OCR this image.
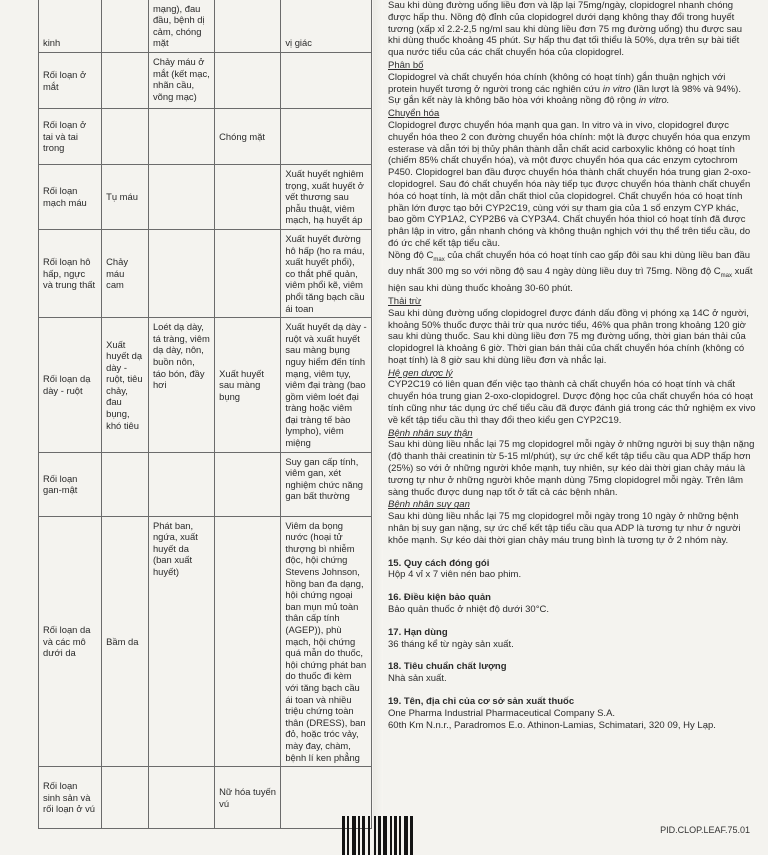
kinh		mạng), đau đầu, bệnh dị cảm, chóng mặt		vị giác
Rối loạn ở mắt		Chảy máu ở mắt (kết mạc, nhãn cầu, võng mạc)		
Rối loạn ở tai và tai trong			Chóng mặt	
Rối loạn mạch máu	Tụ máu			Xuất huyết nghiêm trọng, xuất huyết ở vết thương sau phẫu thuật, viêm mạch, hạ huyết áp
Rối loạn hô hấp, ngực và trung thất	Chảy máu cam			Xuất huyết đường hô hấp (ho ra máu, xuất huyết phổi), co thắt phế quản, viêm phổi kẽ, viêm phổi tăng bạch cầu ái toan
Rối loạn dạ dày - ruột	Xuất huyết dạ dày - ruột, tiêu chảy, đau bụng, khó tiêu	Loét dạ dày, tá tràng, viêm dạ dày, nôn, buồn nôn, táo bón, đầy hơi	Xuất huyết sau màng bụng	Xuất huyết dạ dày - ruột và xuất huyết sau màng bụng nguy hiểm đến tính mạng, viêm tụy, viêm đại tràng (bao gồm viêm loét đại tràng hoặc viêm đại tràng tế bào lympho), viêm miệng
Rối loạn gan-mật				Suy gan cấp tính, viêm gan, xét nghiệm chức năng gan bất thường
Rối loạn da và các mô dưới da	Bầm da	Phát ban, ngứa, xuất huyết da (ban xuất huyết)		Viêm da bọng nước (hoại tử thượng bì nhiễm độc, hội chứng Stevens Johnson, hồng ban đa dạng, hội chứng ngoại ban mụn mủ toàn thân cấp tính (AGEP)), phù mạch, hội chứng quá mẫn do thuốc, hội chứng phát ban do thuốc đi kèm với tăng bạch cầu ái toan và nhiều triệu chứng toàn thân (DRESS), ban đỏ, hoặc tróc vảy, mày đay, chàm, bệnh lí ken phẳng
Rối loạn sinh sản và rối loạn ở vú			Nữ hóa tuyến vú	

Sau khi dùng đường uống liều đơn và lặp lại 75mg/ngày, clopidogrel nhanh chóng được hấp thu. Nồng độ đỉnh của clopidogrel dưới dạng không thay đổi trong huyết tương (xấp xỉ 2.2-2,5 ng/ml sau khi dùng liều đơn 75 mg đường uống) thu được sau khi dùng thuốc khoảng 45 phút. Sự hấp thu đạt tối thiểu là 50%, dựa trên sự bài tiết qua nước tiểu của các chất chuyển hóa của clopidogrel.

Phân bố

Clopidogrel và chất chuyển hóa chính (không có hoạt tính) gắn thuận nghịch với protein huyết tương ở người trong các nghiên cứu in vitro (lần lượt là 98% và 94%). Sự gắn kết này là không bão hòa với khoảng nồng độ rộng in vitro.

Chuyển hóa

Clopidogrel được chuyển hóa mạnh qua gan. In vitro và in vivo, clopidogrel được chuyển hóa theo 2 con đường chuyển hóa chính: một là được chuyển hóa qua enzym esterase và dẫn tới bị thủy phân thành dẫn chất acid carboxylic không có hoạt tính (chiếm 85% chất chuyển hóa), và một được chuyển hóa qua các enzym cytochrom P450. Clopidogrel ban đầu được chuyển hóa thành chất chuyển hóa trung gian 2-oxo-clopidogrel. Sau đó chất chuyển hóa này tiếp tục được chuyển hóa thành chất chuyển hóa có hoạt tính, là một dẫn chất thiol của clopidogrel. Chất chuyển hóa có hoạt tính phần lớn được tạo bởi CYP2C19, cùng với sự tham gia của 1 số enzym CYP khác, bao gồm CYP1A2, CYP2B6 và CYP3A4. Chất chuyển hóa thiol có hoạt tính đã được phân lập in vitro, gắn nhanh chóng và không thuận nghịch với thụ thể trên tiểu cầu, do đó ức chế kết tập tiểu cầu.

Nồng độ $C_{max}$ của chất chuyển hóa có hoạt tính cao gấp đôi sau khi dùng liều ban đầu duy nhất 300 mg so với nồng độ sau 4 ngày dùng liều duy trì 75mg. Nồng độ $C_{max}$ xuất hiện sau khi dùng thuốc khoảng 30-60 phút.

Thải trừ

Sau khi dùng đường uống clopidogrel được đánh dấu đồng vị phóng xạ 14C ở người, khoảng 50% thuốc được thải trừ qua nước tiểu, 46% qua phân trong khoảng 120 giờ sau khi dùng thuốc. Sau khi dùng liều đơn 75 mg đường uống, thời gian bán thải của clopidogrel là khoảng 6 giờ. Thời gian bán thải của chất chuyển hóa chính (không có hoạt tính) là 8 giờ sau khi dùng liều đơn và nhắc lại.

Hệ gen dược lý

CYP2C19 có liên quan đến việc tạo thành cả chất chuyển hóa có hoạt tính và chất chuyển hóa trung gian 2-oxo-clopidogrel. Dược động học của chất chuyển hóa có hoạt tính cũng như tác dụng ức chế tiểu cầu đã được đánh giá trong các thử nghiệm ex vivo về kết tập tiểu cầu thì thay đổi theo kiểu gen CYP2C19.

Bệnh nhân suy thận

Sau khi dùng liều nhắc lại 75 mg clopidogrel mỗi ngày ở những người bị suy thận nặng (độ thanh thải creatinin từ 5-15 ml/phút), sự ức chế kết tập tiểu cầu qua ADP thấp hơn (25%) so với ở những người khỏe mạnh, tuy nhiên, sự kéo dài thời gian chảy máu là tương tự như ở những người khỏe mạnh dùng 75mg clopidogrel mỗi ngày. Trên lâm sàng thuốc được dung nạp tốt ở tất cả các bệnh nhân.

Bệnh nhân suy gan

Sau khi dùng liều nhắc lại 75 mg clopidogrel mỗi ngày trong 10 ngày ở những bệnh nhân bị suy gan nặng, sự ức chế kết tập tiểu cầu qua ADP là tương tự như ở người khỏe mạnh. Sự kéo dài thời gian chảy máu trung bình là tương tự ở 2 nhóm này.

15. Quy cách đóng gói

Hộp 4 vỉ x 7 viên nén bao phim.

16. Điều kiện bảo quản

Bảo quản thuốc ở nhiệt độ dưới 30°C.

17. Hạn dùng

36 tháng kể từ ngày sản xuất.

18. Tiêu chuẩn chất lượng

Nhà sản xuất.

19. Tên, địa chỉ của cơ sở sản xuất thuốc

One Pharma Industrial Pharmaceutical Company S.A.

60th Km N.n.r., Paradromos E.o. Athinon-Lamias, Schimatari, 320 09, Hy Lạp.

PID.CLOP.LEAF.75.01
